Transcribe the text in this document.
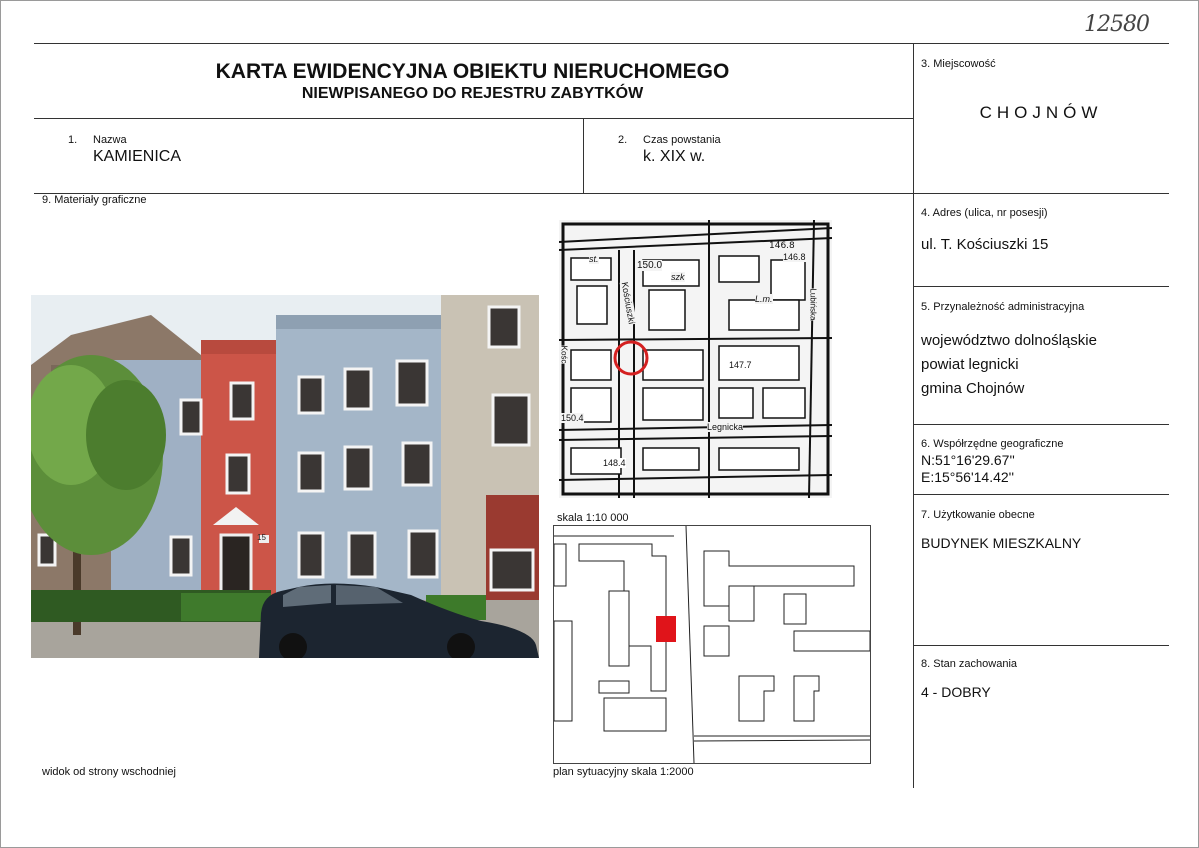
12580
KARTA EWIDENCYJNA OBIEKTU NIERUCHOMEGO
NIEWPISANEGO DO REJESTRU ZABYTKÓW
1. Nazwa
KAMIENICA
2. Czas powstania
k. XIX w.
3. Miejscowość
CHOJNÓW
4. Adres (ulica, nr posesji)
ul. T. Kościuszki 15
5. Przynależność administracyjna
województwo dolnośląskie
powiat legnicki
gmina Chojnów
6. Współrzędne geograficzne
N:51°16'29.67''
E:15°56'14.42''
7. Użytkowanie obecne
BUDYNEK MIESZKALNY
8. Stan zachowania
4 - DOBRY
9. Materiały graficzne
15
widok od strony wschodniej
146.8
150.0
146.8
147.7
150.4
148.4
Kościuszki
Kośc
Legnicka
Lubińska
szk
L.m.
st.
skala 1:10 000
plan sytuacyjny skala 1:2000
